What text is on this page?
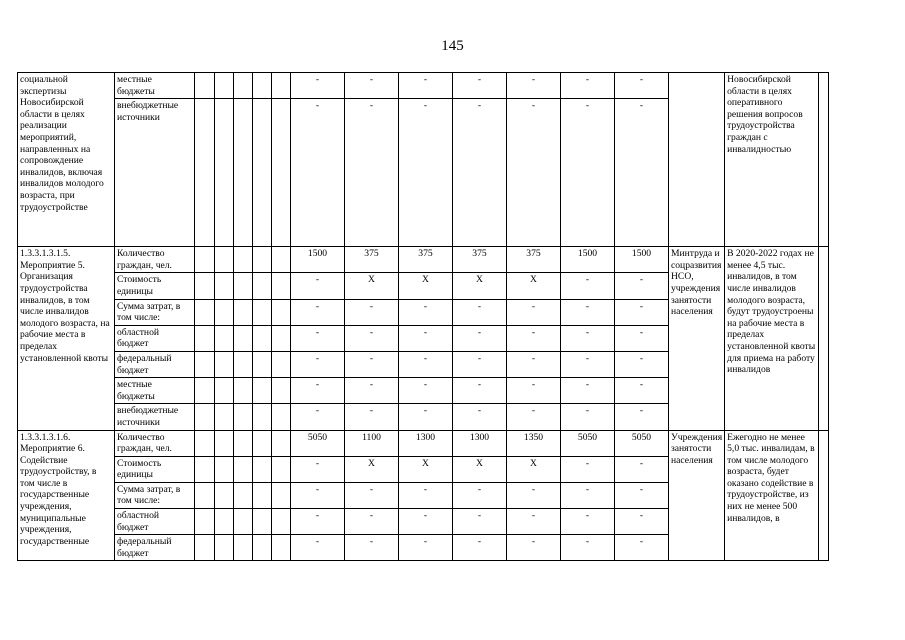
145
социальной экспертизы Новосибирской области в целях реализации мероприятий, направленных на сопровождение инвалидов, включая инвалидов молодого возраста, при трудоустройстве	местные бюджеты						-	-	-	-	-	-	-		Новосибирской области в целях оперативного решения вопросов трудоустройства граждан с инвалидностью	
	внебюджетные источники						-	-	-	-	-	-	-			
1.3.3.1.3.1.5. Мероприятие 5. Организация трудоустройства инвалидов, в том числе инвалидов молодого возраста, на рабочие места в пределах установленной квоты	Количество граждан, чел.						1500	375	375	375	375	1500	1500	Минтруда и соцразвития НСО, учреждения занятости населения	В 2020-2022 годах не менее 4,5 тыс. инвалидов, в том числе инвалидов молодого возраста, будут трудоустроены на рабочие места в пределах установленной квоты для приема на работу инвалидов	
	Стоимость единицы						-	Х	Х	Х	Х	-	-			
	Сумма затрат, в том числе:						-	-	-	-	-	-	-			
	областной бюджет						-	-	-	-	-	-	-			
	федеральный бюджет						-	-	-	-	-	-	-			
	местные бюджеты						-	-	-	-	-	-	-			
	внебюджетные источники						-	-	-	-	-	-	-			
1.3.3.1.3.1.6. Мероприятие 6. Содействие трудоустройству, в том числе в государственные учреждения, муниципальные учреждения, государственные	Количество граждан, чел.						5050	1100	1300	1300	1350	5050	5050	Учреждения занятости населения	Ежегодно не менее 5,0 тыс. инвалидам, в том числе молодого возраста, будет оказано содействие в трудоустройстве, из них не менее 500 инвалидов, в	
	Стоимость единицы						-	Х	Х	Х	Х	-	-			
	Сумма затрат, в том числе:						-	-	-	-	-	-	-			
	областной бюджет						-	-	-	-	-	-	-			
	федеральный бюджет						-	-	-	-	-	-	-			
